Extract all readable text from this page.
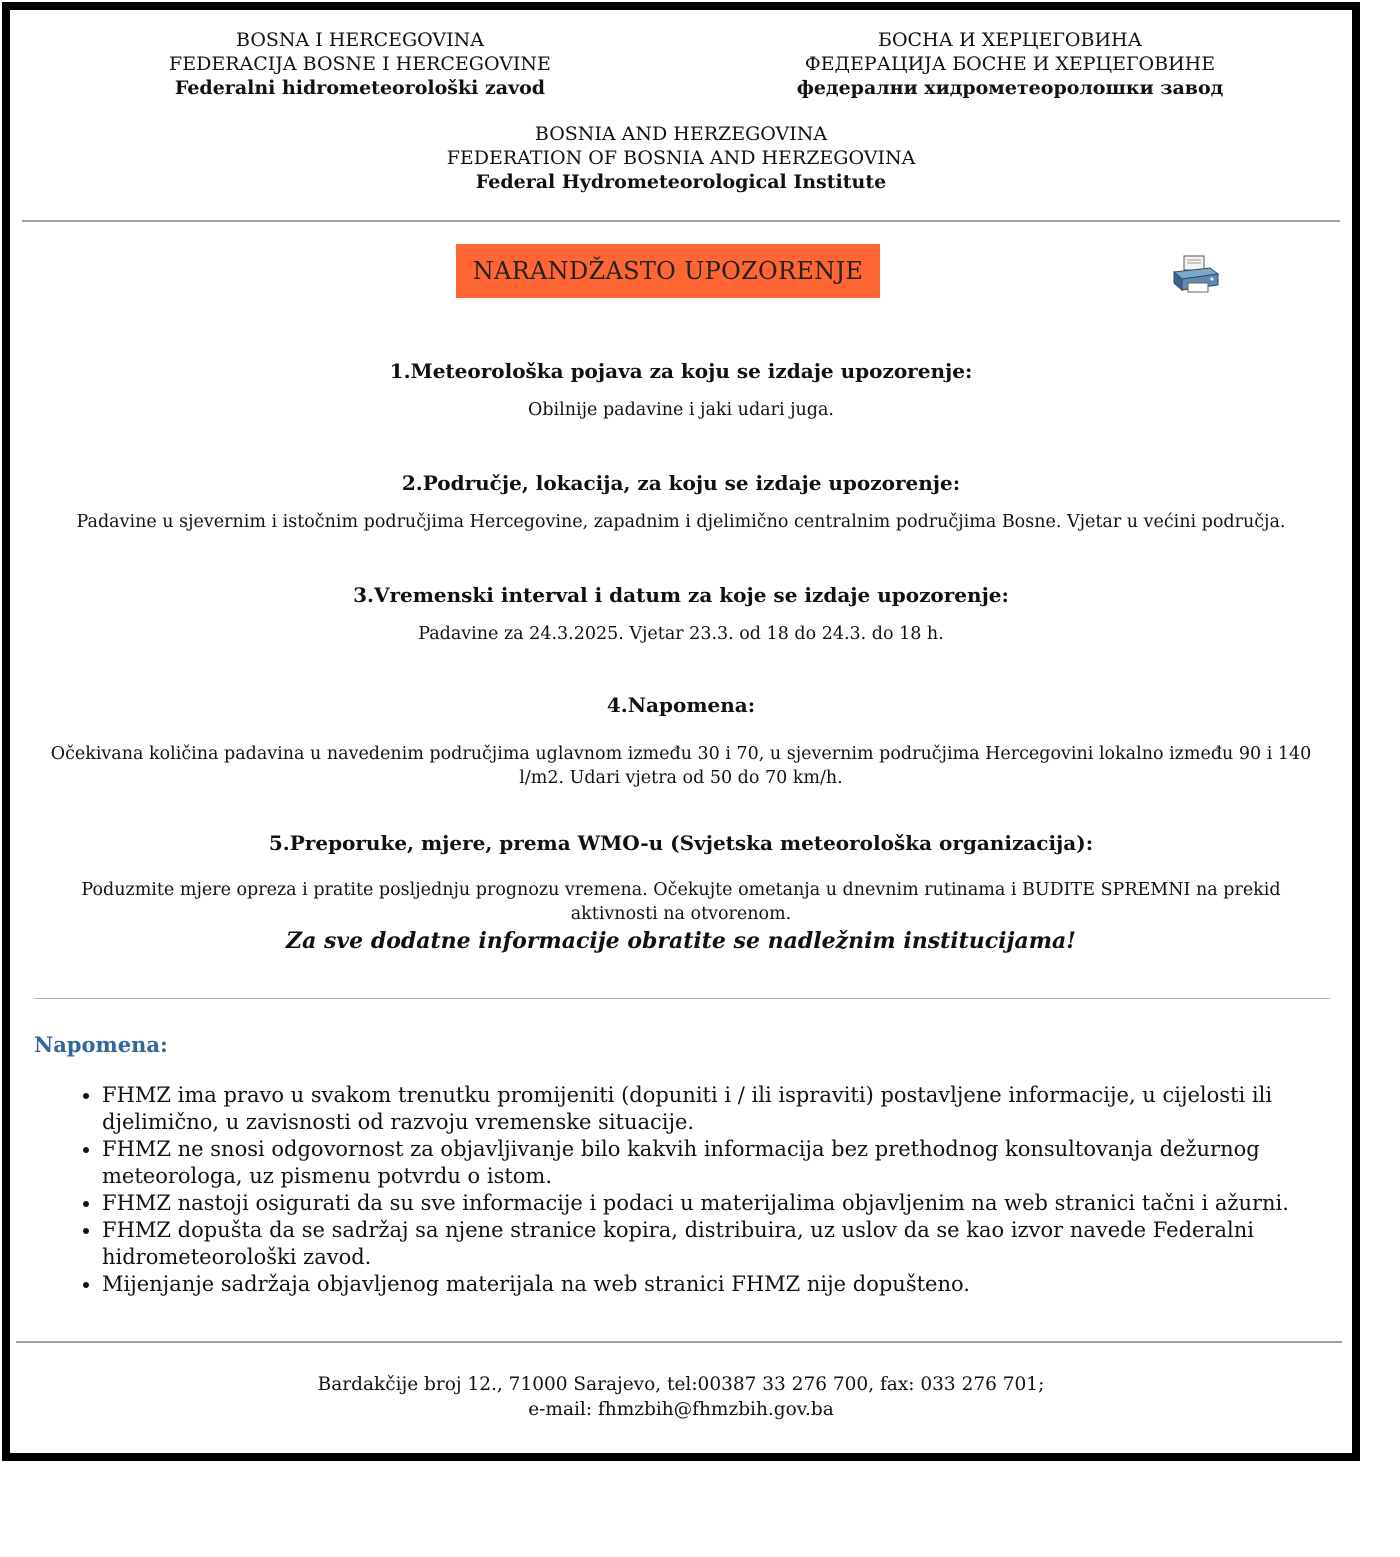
BOSNA I HERCEGOVINA
FEDERACIJA BOSNE I HERCEGOVINE
Federalni hidrometeorološki zavod
БОСНА И ХЕРЦЕГОВИНА
ФЕДЕРАЦИЈА БОСНЕ И ХЕРЦЕГОВИНЕ
федерални хидрометеоролошки завод
BOSNIA AND HERZEGOVINA
FEDERATION OF BOSNIA AND HERZEGOVINA
Federal Hydrometeorological Institute
NARANDŽASTO UPOZORENJE
1.Meteorološka pojava za koju se izdaje upozorenje:

Obilnije padavine i jaki udari juga.

2.Područje, lokacija, za koju se izdaje upozorenje:

Padavine u sjevernim i istočnim područjima Hercegovine, zapadnim i djelimično centralnim područjima Bosne. Vjetar u većini područja.

3.Vremenski interval i datum za koje se izdaje upozorenje:

Padavine za 24.3.2025. Vjetar 23.3. od 18 do 24.3. do 18 h.

4.Napomena:

Očekivana količina padavina u navedenim područjima uglavnom između 30 i 70, u sjevernim područjima Hercegovini lokalno između 90 i 140 l/m2. Udari vjetra od 50 do 70 km/h.

5.Preporuke, mjere, prema WMO-u (Svjetska meteorološka organizacija):

Poduzmite mjere opreza i pratite posljednju prognozu vremena. Očekujte ometanja u dnevnim rutinama i BUDITE SPREMNI na prekid aktivnosti na otvorenom.

Za sve dodatne informacije obratite se nadležnim institucijama!
Napomena:
• FHMZ ima pravo u svakom trenutku promijeniti (dopuniti i / ili ispraviti) postavljene informacije, u cijelosti ili djelimično, u zavisnosti od razvoju vremenske situacije.
• FHMZ ne snosi odgovornost za objavljivanje bilo kakvih informacija bez prethodnog konsultovanja dežurnog meteorologa, uz pismenu potvrdu o istom.
• FHMZ nastoji osigurati da su sve informacije i podaci u materijalima objavljenim na web stranici tačni i ažurni.
• FHMZ dopušta da se sadržaj sa njene stranice kopira, distribuira, uz uslov da se kao izvor navede Federalni hidrometeorološki zavod.
• Mijenjanje sadržaja objavljenog materijala na web stranici FHMZ nije dopušteno.
Bardakčije broj 12., 71000 Sarajevo, tel:00387 33 276 700, fax: 033 276 701;
e-mail: fhmzbih@fhmzbih.gov.ba
